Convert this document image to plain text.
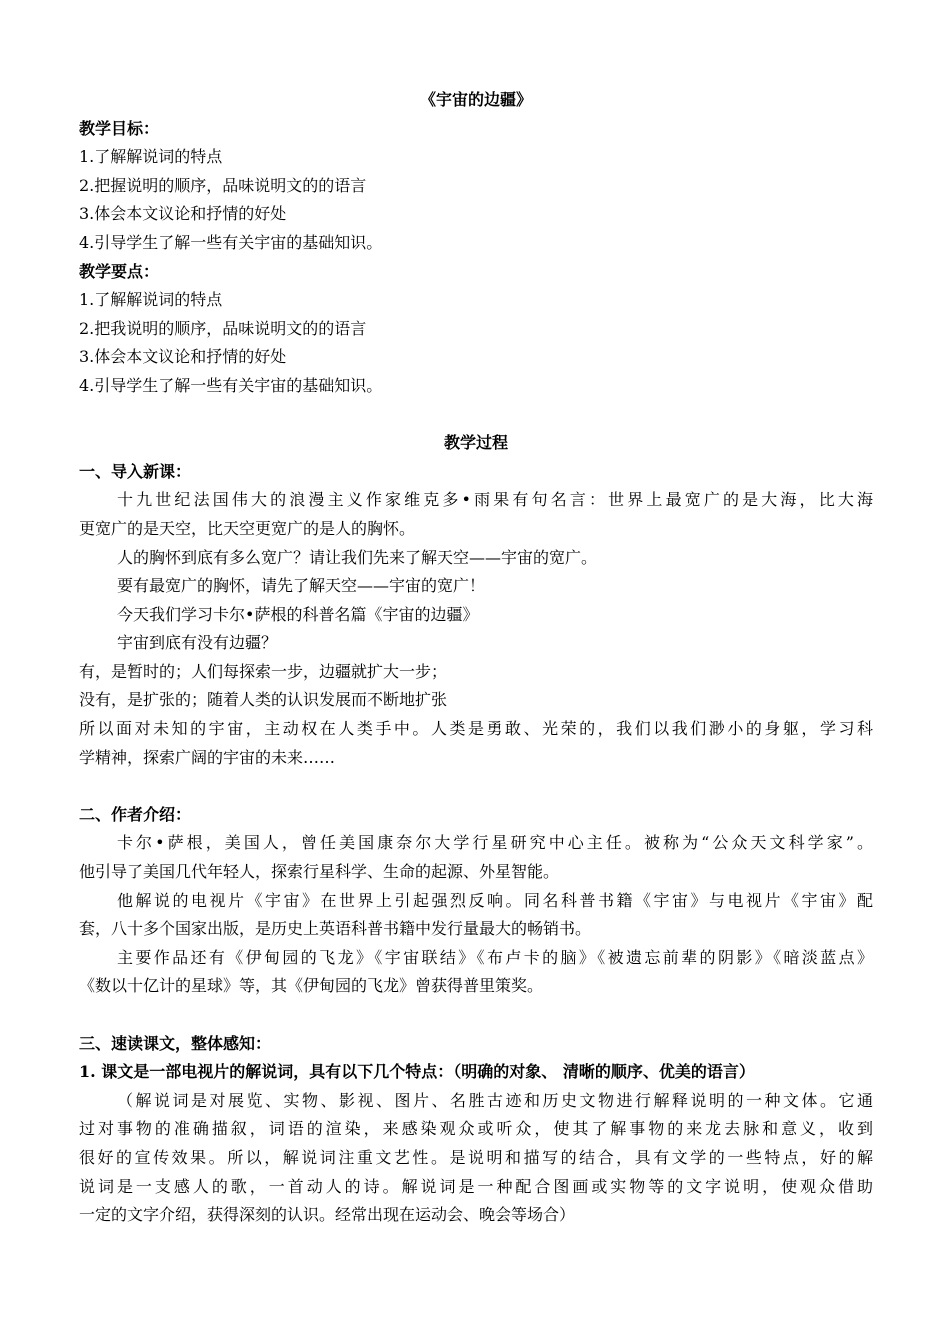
《宇宙的边疆》
教学目标：
1.了解解说词的特点
2.把握说明的顺序，品味说明文的的语言
3.体会本文议论和抒情的好处
4.引导学生了解一些有关宇宙的基础知识。
教学要点：
1.了解解说词的特点
2.把我说明的顺序，品味说明文的的语言
3.体会本文议论和抒情的好处
4.引导学生了解一些有关宇宙的基础知识。
教学过程
一、导入新课：
十九世纪法国伟大的浪漫主义作家维克多•雨果有句名言：世界上最宽广的是大海，比大海
更宽广的是天空，比天空更宽广的是人的胸怀。
人的胸怀到底有多么宽广？请让我们先来了解天空——宇宙的宽广。
要有最宽广的胸怀，请先了解天空——宇宙的宽广！
今天我们学习卡尔•萨根的科普名篇《宇宙的边疆》
宇宙到底有没有边疆？
有，是暂时的；人们每探索一步，边疆就扩大一步；
没有，是扩张的；随着人类的认识发展而不断地扩张
所以面对未知的宇宙，主动权在人类手中。人类是勇敢、光荣的，我们以我们渺小的身躯，学习科
学精神，探索广阔的宇宙的未来……
二、作者介绍：
卡尔•萨根，美国人，曾任美国康奈尔大学行星研究中心主任。被称为“公众天文科学家”。
他引导了美国几代年轻人，探索行星科学、生命的起源、外星智能。
他解说的电视片《宇宙》在世界上引起强烈反响。同名科普书籍《宇宙》与电视片《宇宙》配
套，八十多个国家出版，是历史上英语科普书籍中发行量最大的畅销书。
主要作品还有《伊甸园的飞龙》《宇宙联结》《布卢卡的脑》《被遗忘前辈的阴影》《暗淡蓝点》
《数以十亿计的星球》等，其《伊甸园的飞龙》曾获得普里策奖。
三、速读课文，整体感知：
1. 课文是一部电视片的解说词，具有以下几个特点：（明确的对象、 清晰的顺序、优美的语言）
（解说词是对展览、实物、影视、图片、名胜古迹和历史文物进行解释说明的一种文体。它通
过对事物的准确描叙，词语的渲染，来感染观众或听众，使其了解事物的来龙去脉和意义，收到
很好的宣传效果。所以，解说词注重文艺性。是说明和描写的结合，具有文学的一些特点，好的解
说词是一支感人的歌，一首动人的诗。解说词是一种配合图画或实物等的文字说明，使观众借助
一定的文字介绍，获得深刻的认识。经常出现在运动会、晚会等场合）
